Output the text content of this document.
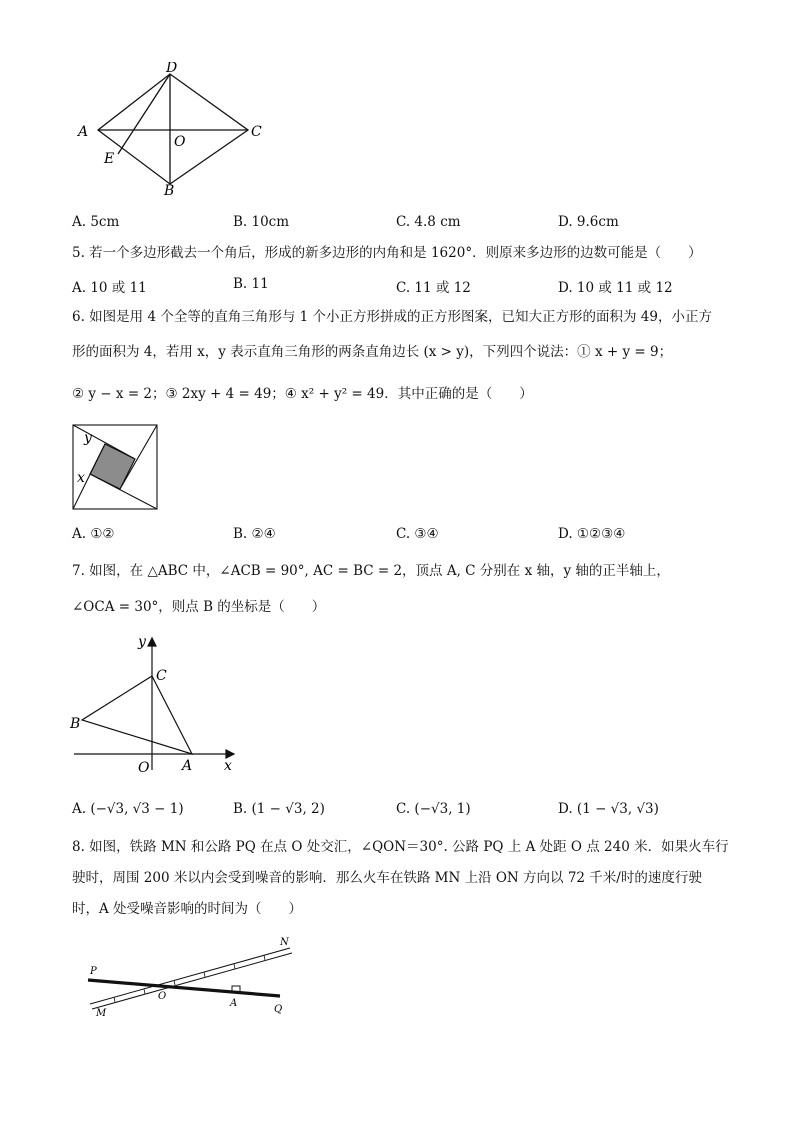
D
A
O
C
E
B
A. 5cm	B. 10cm	C. 4.8 cm	D. 9.6cm
5. 若一个多边形截去一个角后，形成的新多边形的内角和是 1620°．则原来多边形的边数可能是（　　）
A. 10 或 11	B. 11	C. 11 或 12	D. 10 或 11 或 12
6. 如图是用 4 个全等的直角三角形与 1 个小正方形拼成的正方形图案，已知大正方形的面积为 49，小正方
形的面积为 4，若用 x，y 表示直角三角形的两条直角边长 (x > y)，下列四个说法：① x + y = 9；
② y − x = 2；③ 2xy + 4 = 49；④ x² + y² = 49．其中正确的是（　　）
y
x
A. ①②	B. ②④	C. ③④	D. ①②③④
7. 如图，在 △ABC 中，∠ACB = 90°, AC = BC = 2，顶点 A, C 分别在 x 轴，y 轴的正半轴上，
∠OCA = 30°，则点 B 的坐标是（　　）
y
C
B
O A x
A. (−√3, √3 − 1)	B. (1 − √3, 2)	C. (−√3, 1)	D. (1 − √3, √3)
8. 如图，铁路 MN 和公路 PQ 在点 O 处交汇，∠QON＝30°. 公路 PQ 上 A 处距 O 点 240 米．如果火车行
驶时，周围 200 米以内会受到噪音的影响．那么火车在铁路 MN 上沿 ON 方向以 72 千米/时的速度行驶
时，A 处受噪音影响的时间为（　　）
P
N
O
A
M	Q
